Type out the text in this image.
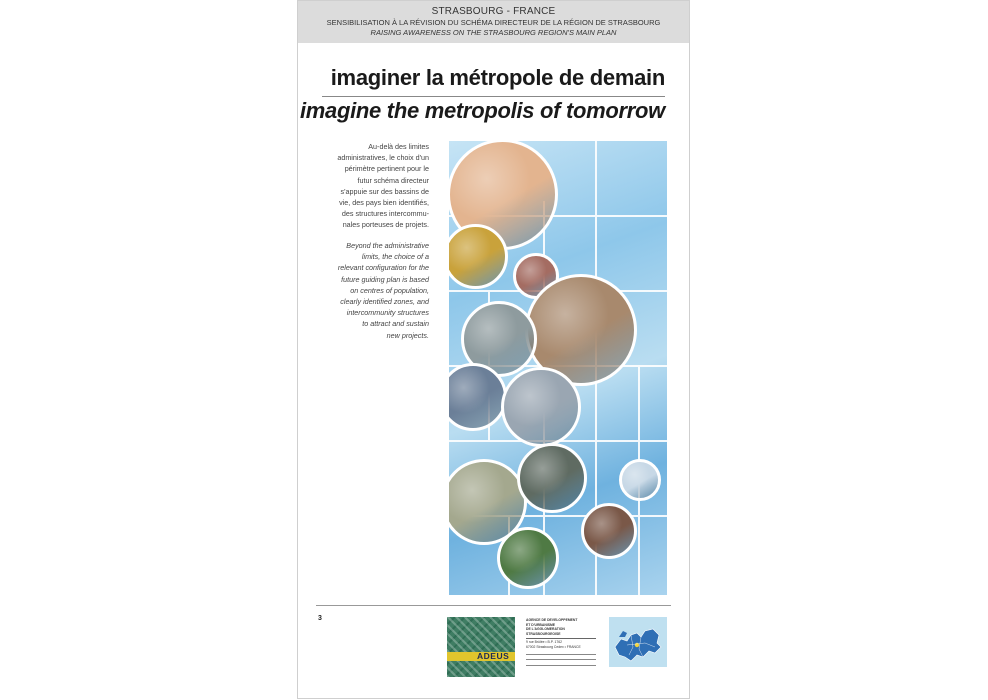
STRASBOURG - FRANCE
SENSIBILISATION À LA RÉVISION DU SCHÉMA DIRECTEUR DE LA RÉGION DE STRASBOURG
RAISING AWARENESS ON THE STRASBOURG REGION'S MAIN PLAN
imaginer la métropole de demain
imagine the metropolis of tomorrow
Au-delà des limites
administratives, le choix d'un
périmètre pertinent pour le
futur schéma directeur
s'appuie sur des bassins de
vie, des pays bien identifiés,
des structures intercommu-
nales porteuses de projets.
Beyond the administrative
limits, the choice of a
relevant configuration for the
future guiding plan is based
on centres of population,
clearly identified zones, and
intercommunity structures
to attract and sustain
new projects.
3
ADEUS
AGENCE DE DEVELOPPEMENT
ET D'URBANISME
DE L'AGGLOMERATION
STRASBOURGEOISE
9 rue Brûlée • B.P. 1762
67002 Strasbourg Cedex • FRANCE
